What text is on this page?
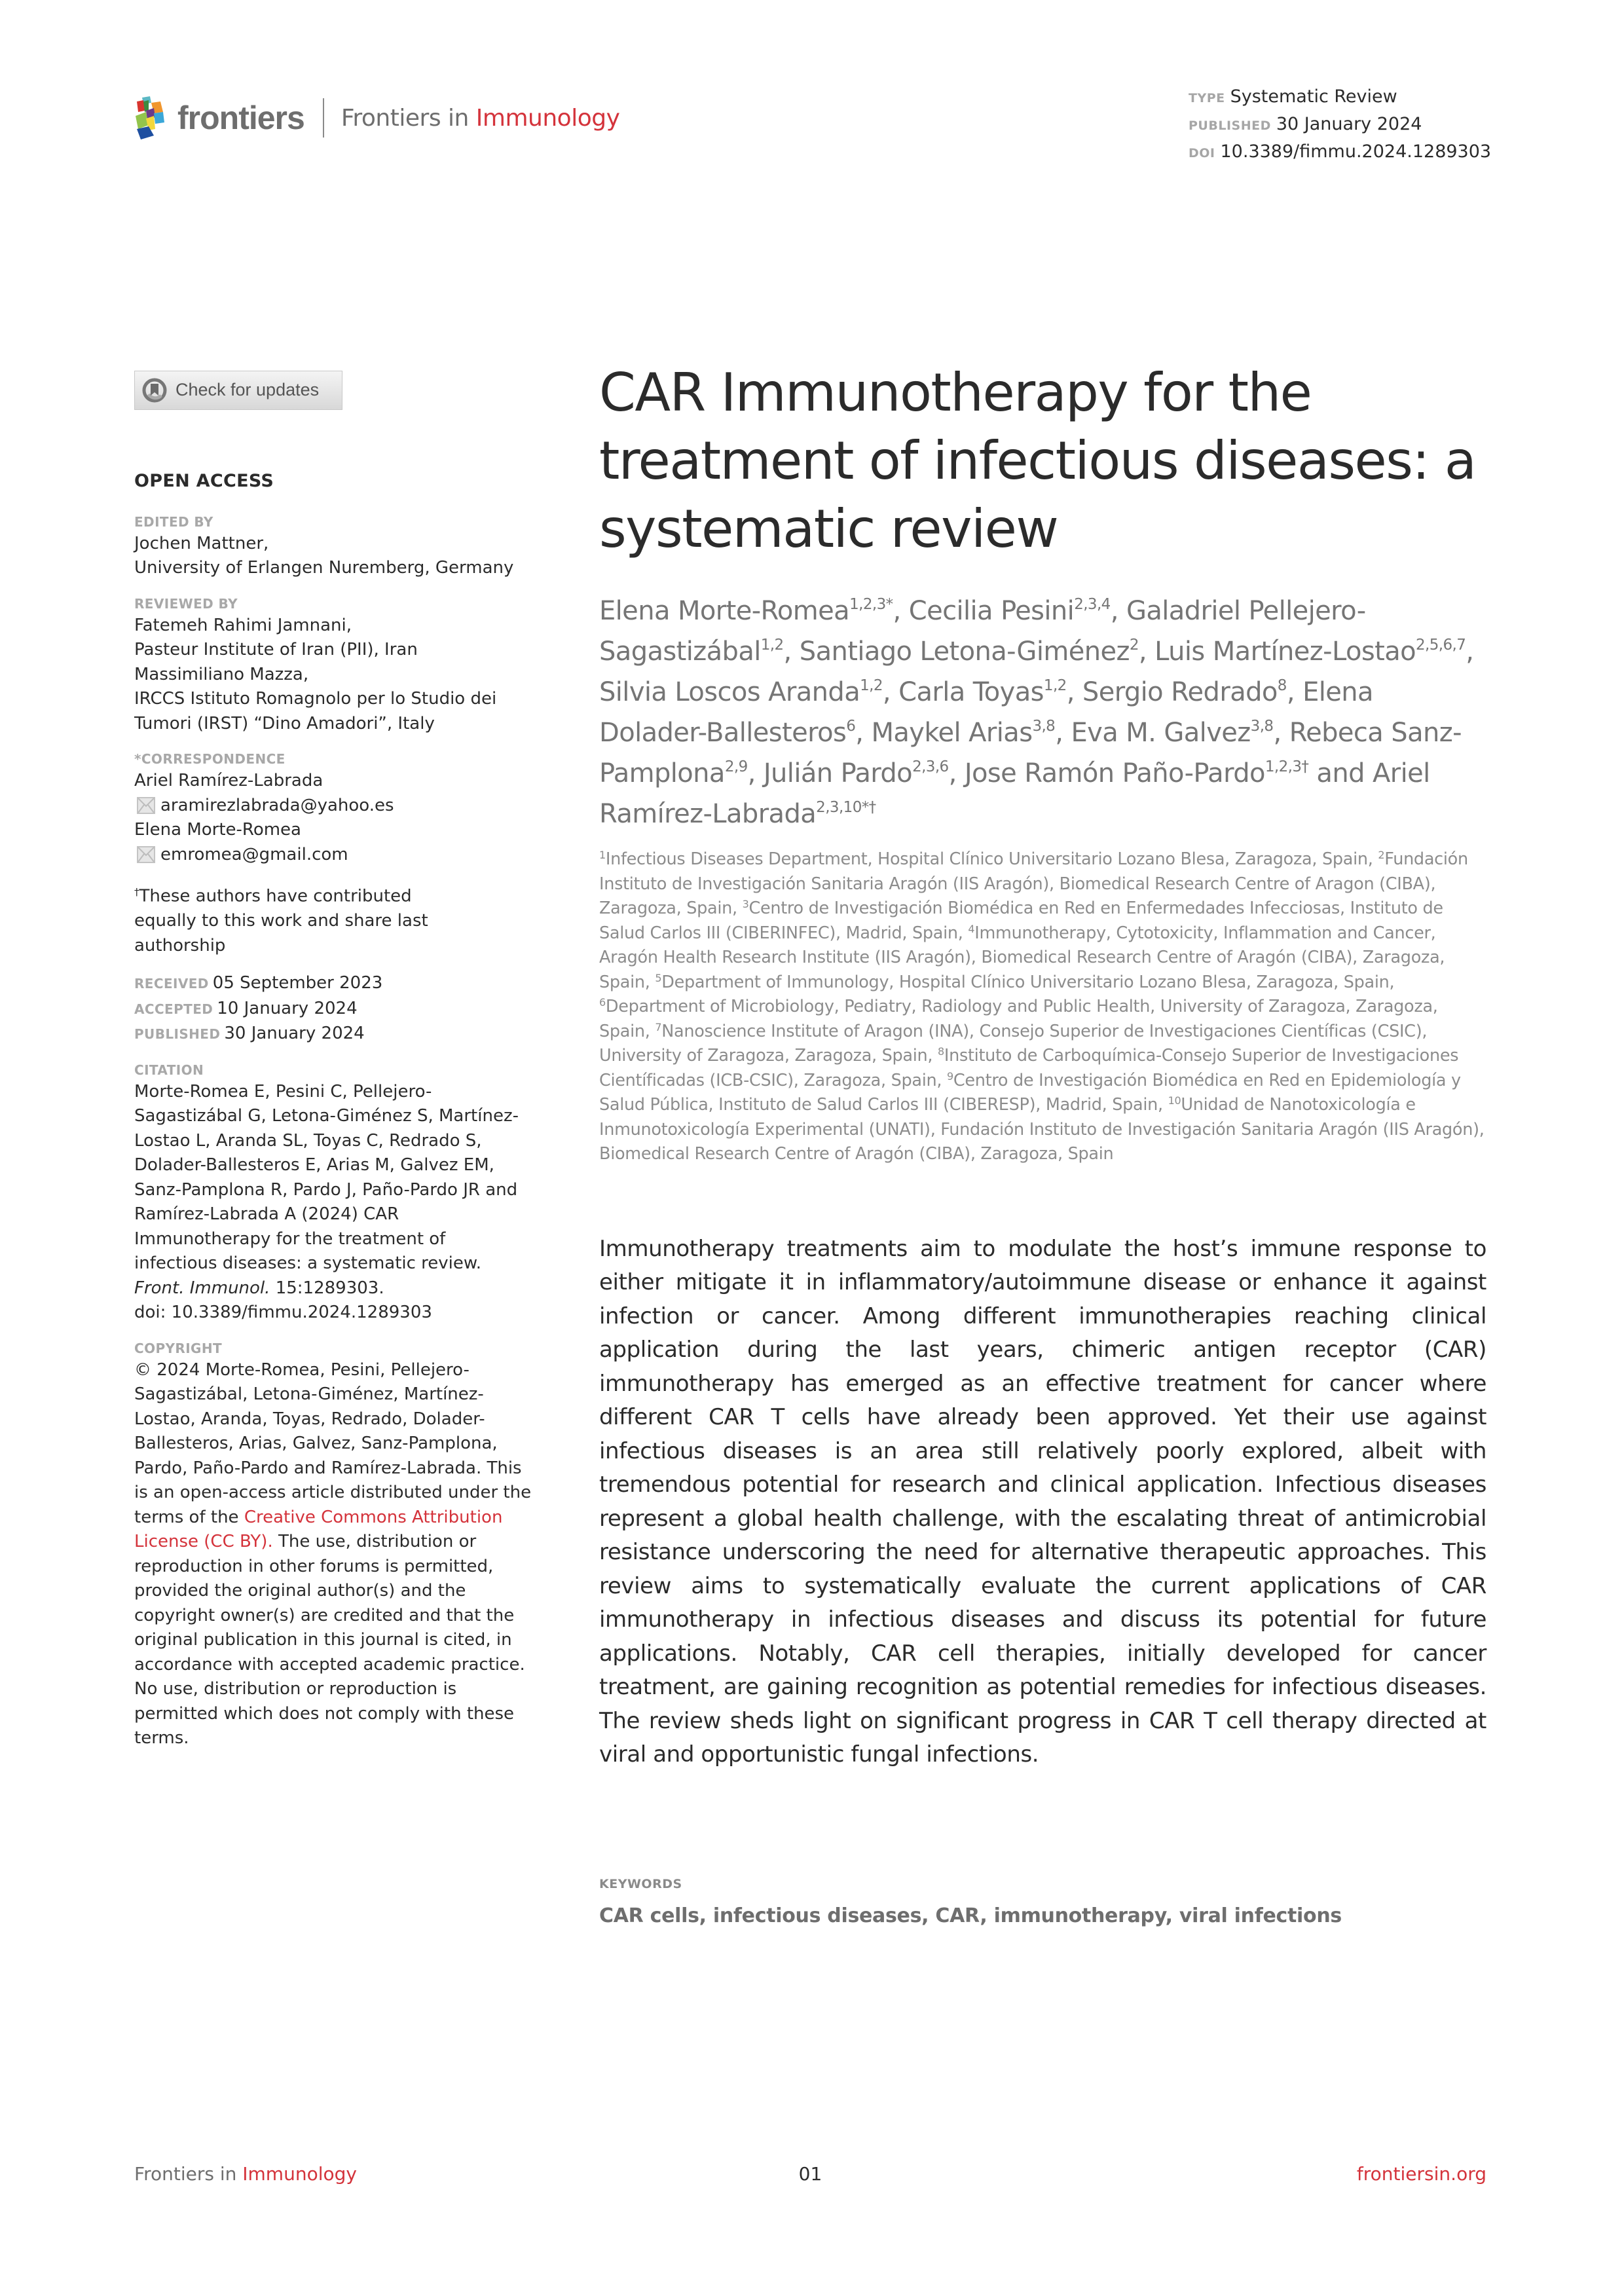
frontiers Frontiers in Immunology
TYPE Systematic Review
PUBLISHED 30 January 2024
DOI 10.3389/fimmu.2024.1289303
Check for updates
OPEN ACCESS
EDITED BY
Jochen Mattner,
University of Erlangen Nuremberg, Germany
REVIEWED BY
Fatemeh Rahimi Jamnani,
Pasteur Institute of Iran (PII), Iran
Massimiliano Mazza,
IRCCS Istituto Romagnolo per lo Studio dei Tumori (IRST) “Dino Amadori”, Italy
*CORRESPONDENCE
Ariel Ramírez-Labrada
aramirezlabrada@yahoo.es
Elena Morte-Romea
emromea@gmail.com
†These authors have contributed equally to this work and share last authorship
RECEIVED 05 September 2023
ACCEPTED 10 January 2024
PUBLISHED 30 January 2024
CITATION
Morte-Romea E, Pesini C, Pellejero-Sagastizábal G, Letona-Giménez S, Martínez-Lostao L, Aranda SL, Toyas C, Redrado S, Dolader-Ballesteros E, Arias M, Galvez EM, Sanz-Pamplona R, Pardo J, Paño-Pardo JR and Ramírez-Labrada A (2024) CAR Immunotherapy for the treatment of infectious diseases: a systematic review. Front. Immunol. 15:1289303.
doi: 10.3389/fimmu.2024.1289303
COPYRIGHT
© 2024 Morte-Romea, Pesini, Pellejero-Sagastizábal, Letona-Giménez, Martínez-Lostao, Aranda, Toyas, Redrado, Dolader-Ballesteros, Arias, Galvez, Sanz-Pamplona, Pardo, Paño-Pardo and Ramírez-Labrada. This is an open-access article distributed under the terms of the Creative Commons Attribution License (CC BY). The use, distribution or reproduction in other forums is permitted, provided the original author(s) and the copyright owner(s) are credited and that the original publication in this journal is cited, in accordance with accepted academic practice. No use, distribution or reproduction is permitted which does not comply with these terms.
CAR Immunotherapy for the treatment of infectious diseases: a systematic review
Elena Morte-Romea$^{1,2,3*}$, Cecilia Pesini$^{2,3,4}$, Galadriel Pellejero-Sagastizábal$^{1,2}$, Santiago Letona-Giménez$^2$, Luis Martínez-Lostao$^{2,5,6,7}$, Silvia Loscos Aranda$^{1,2}$, Carla Toyas$^{1,2}$, Sergio Redrado$^8$, Elena Dolader-Ballesteros$^6$, Maykel Arias$^{3,8}$, Eva M. Galvez$^{3,8}$, Rebeca Sanz-Pamplona$^{2,9}$, Julián Pardo$^{2,3,6}$, Jose Ramón Paño-Pardo$^{1,2,3\dagger}$ and Ariel Ramírez-Labrada$^{2,3,10*\dagger}$
$^1$Infectious Diseases Department, Hospital Clínico Universitario Lozano Blesa, Zaragoza, Spain, $^2$Fundación Instituto de Investigación Sanitaria Aragón (IIS Aragón), Biomedical Research Centre of Aragon (CIBA), Zaragoza, Spain, $^3$Centro de Investigación Biomédica en Red en Enfermedades Infecciosas, Instituto de Salud Carlos III (CIBERINFEC), Madrid, Spain, $^4$Immunotherapy, Cytotoxicity, Inflammation and Cancer, Aragón Health Research Institute (IIS Aragón), Biomedical Research Centre of Aragón (CIBA), Zaragoza, Spain, $^5$Department of Immunology, Hospital Clínico Universitario Lozano Blesa, Zaragoza, Spain, $^6$Department of Microbiology, Pediatry, Radiology and Public Health, University of Zaragoza, Zaragoza, Spain, $^7$Nanoscience Institute of Aragon (INA), Consejo Superior de Investigaciones Científicas (CSIC), University of Zaragoza, Zaragoza, Spain, $^8$Instituto de Carboquímica-Consejo Superior de Investigaciones Científicadas (ICB-CSIC), Zaragoza, Spain, $^9$Centro de Investigación Biomédica en Red en Epidemiología y Salud Pública, Instituto de Salud Carlos III (CIBERESP), Madrid, Spain, $^{10}$Unidad de Nanotoxicología e Inmunotoxicología Experimental (UNATI), Fundación Instituto de Investigación Sanitaria Aragón (IIS Aragón), Biomedical Research Centre of Aragón (CIBA), Zaragoza, Spain

Immunotherapy treatments aim to modulate the host’s immune response to either mitigate it in inflammatory/autoimmune disease or enhance it against infection or cancer. Among different immunotherapies reaching clinical application during the last years, chimeric antigen receptor (CAR) immunotherapy has emerged as an effective treatment for cancer where different CAR T cells have already been approved. Yet their use against infectious diseases is an area still relatively poorly explored, albeit with tremendous potential for research and clinical application. Infectious diseases represent a global health challenge, with the escalating threat of antimicrobial resistance underscoring the need for alternative therapeutic approaches. This review aims to systematically evaluate the current applications of CAR immunotherapy in infectious diseases and discuss its potential for future applications. Notably, CAR cell therapies, initially developed for cancer treatment, are gaining recognition as potential remedies for infectious diseases. The review sheds light on significant progress in CAR T cell therapy directed at viral and opportunistic fungal infections.

KEYWORDS
CAR cells, infectious diseases, CAR, immunotherapy, viral infections
Frontiers in Immunology	01	frontiersin.org
